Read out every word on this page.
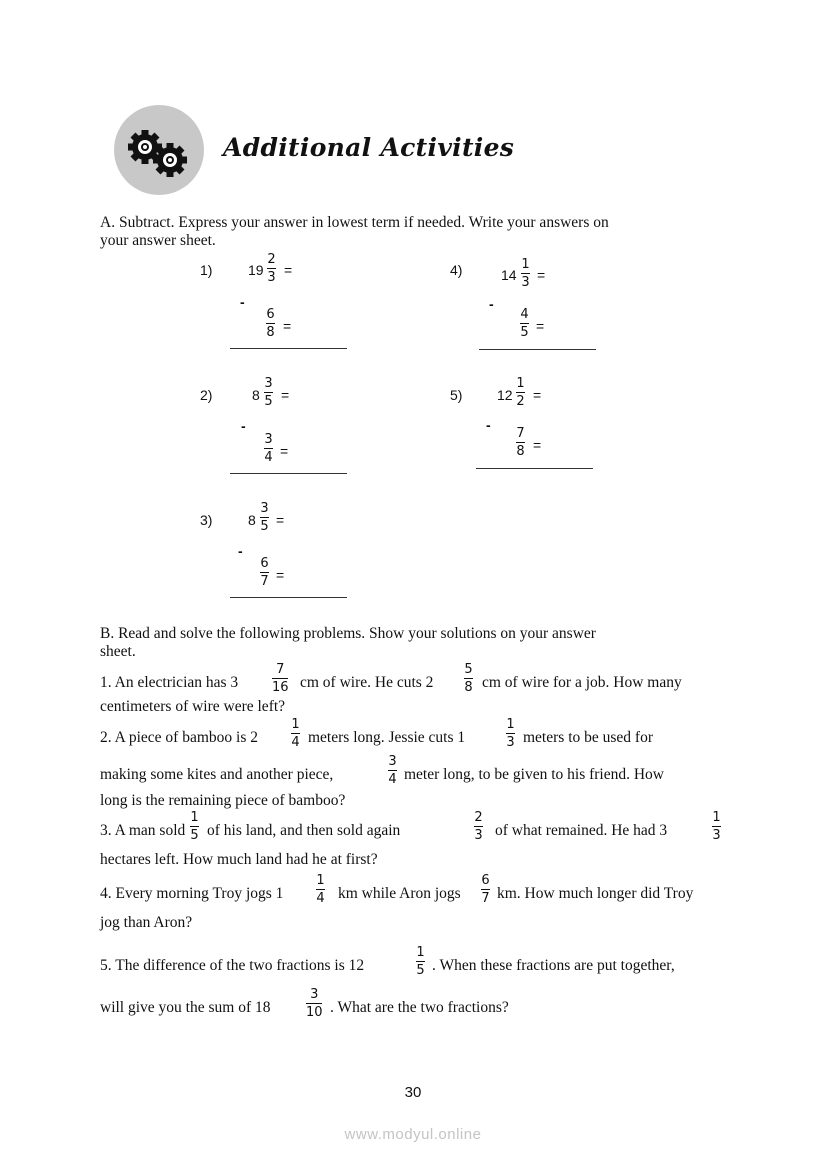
Additional Activities
A. Subtract. Express your answer in lowest term if needed. Write your answers on
your answer sheet.
1)	19
2
3 =
-
6
8 =
4)	14
1
3 =
-
4
5 =
2)	8
3
5 =
-
3
4 =
5) 12
1
2 =
-
7
8 =
3)	8
3
5 =
-
6
7 =
B. Read and solve the following problems. Show your solutions on your answer
sheet.
1. An electrician has 3
7
16 cm of wire. He cuts 2
5
8 cm of wire for a job. How many
centimeters of wire were left?
2. A piece of bamboo is 2
1
4 meters long. Jessie cuts 1
1
3 meters to be used for
making some kites and another piece,
3
4 meter long, to be given to his friend. How
long is the remaining piece of bamboo?
3. A man sold
1
5 of his land, and then sold again
2
3 of what remained. He had 3
1
3
hectares left. How much land had he at first?
4. Every morning Troy jogs 1
1
4 km while Aron jogs
6
7 km. How much longer did Troy
jog than Aron?
5. The difference of the two fractions is 12
1
5 . When these fractions are put together,
will give you the sum of 18
3
10 . What are the two fractions?
30
www.modyul.online
